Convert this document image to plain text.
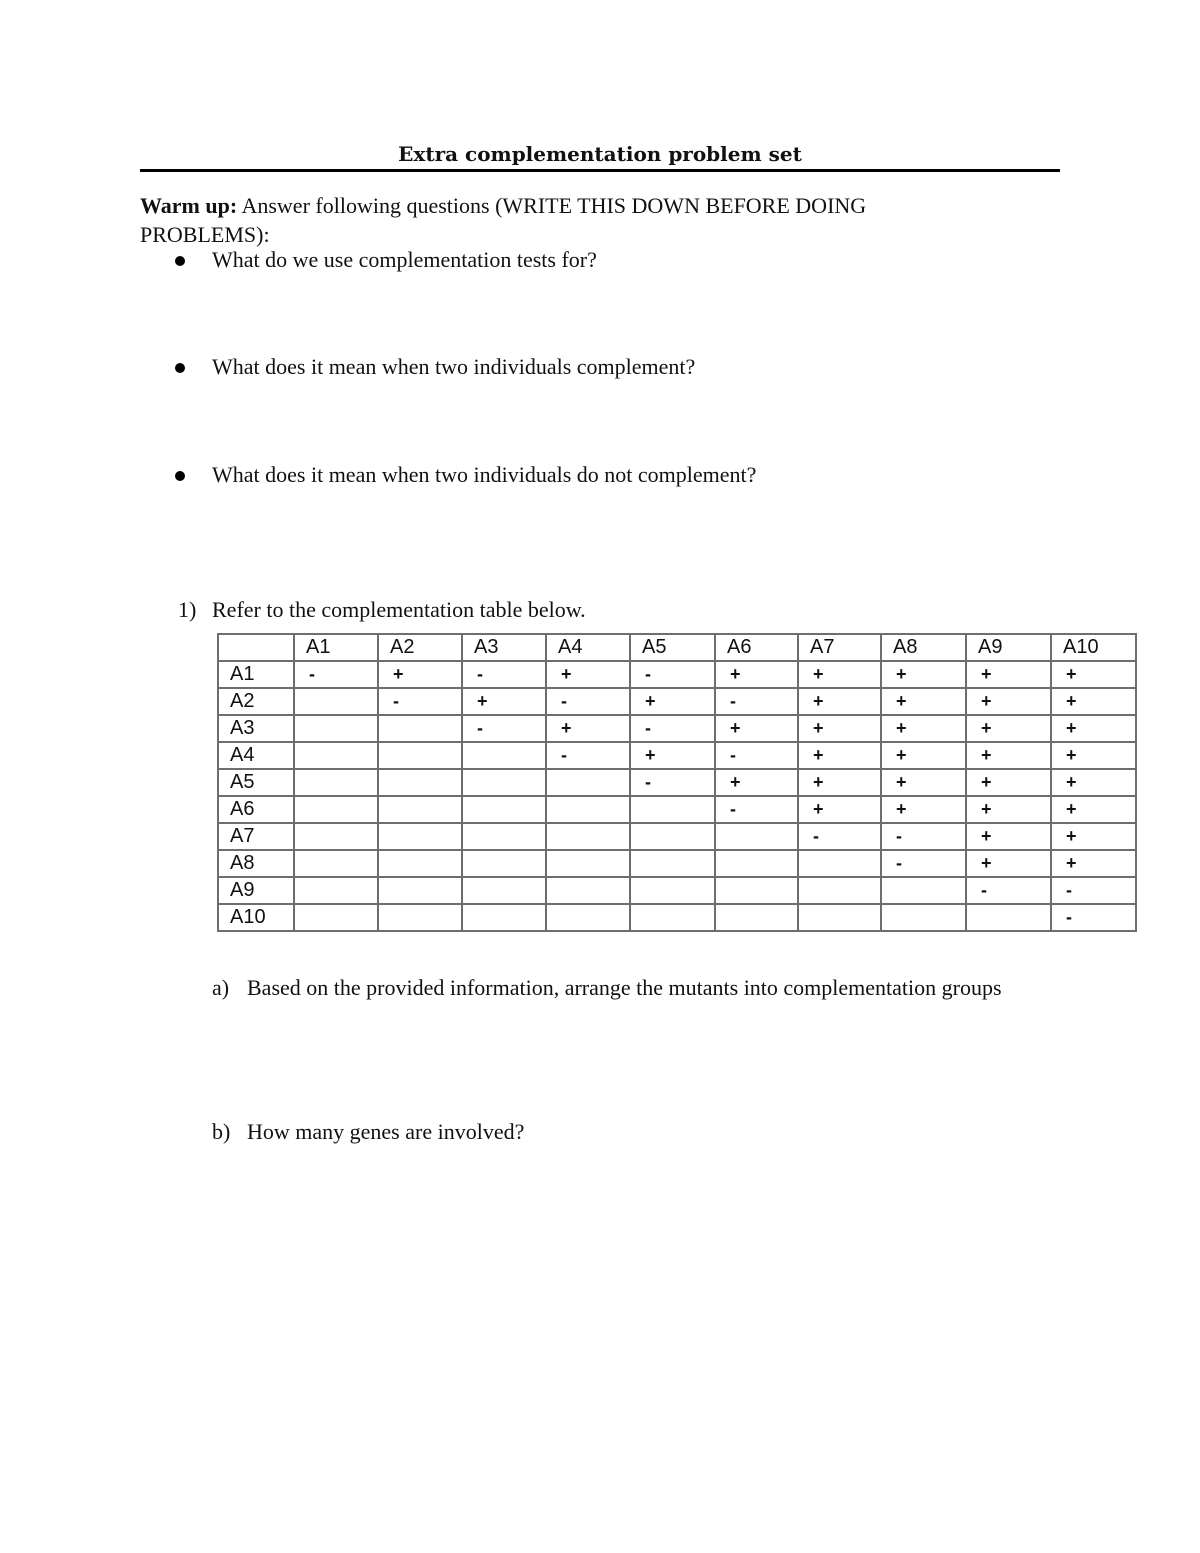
Extra complementation problem set
Warm up: Answer following questions (WRITE THIS DOWN BEFORE DOING PROBLEMS):
What do we use complementation tests for?
What does it mean when two individuals complement?
What does it mean when two individuals do not complement?
1) Refer to the complementation table below.
	A1	A2	A3	A4	A5	A6	A7	A8	A9	A10
A1	-	+	-	+	-	+	+	+	+	+
A2		-	+	-	+	-	+	+	+	+
A3			-	+	-	+	+	+	+	+
A4				-	+	-	+	+	+	+
A5					-	+	+	+	+	+
A6						-	+	+	+	+
A7							-	-	+	+
A8								-	+	+
A9									-	-
A10										-
a) Based on the provided information, arrange the mutants into complementation groups
b) How many genes are involved?
